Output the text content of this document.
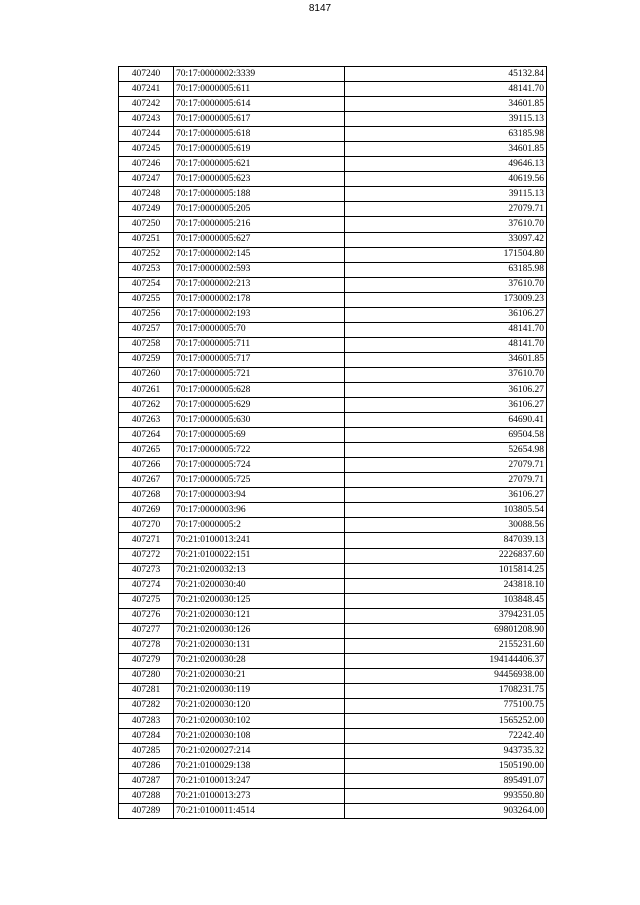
8147
407240	70:17:0000002:3339	45132.84
407241	70:17:0000005:611	48141.70
407242	70:17:0000005:614	34601.85
407243	70:17:0000005:617	39115.13
407244	70:17:0000005:618	63185.98
407245	70:17:0000005:619	34601.85
407246	70:17:0000005:621	49646.13
407247	70:17:0000005:623	40619.56
407248	70:17:0000005:188	39115.13
407249	70:17:0000005:205	27079.71
407250	70:17:0000005:216	37610.70
407251	70:17:0000005:627	33097.42
407252	70:17:0000002:145	171504.80
407253	70:17:0000002:593	63185.98
407254	70:17:0000002:213	37610.70
407255	70:17:0000002:178	173009.23
407256	70:17:0000002:193	36106.27
407257	70:17:0000005:70	48141.70
407258	70:17:0000005:711	48141.70
407259	70:17:0000005:717	34601.85
407260	70:17:0000005:721	37610.70
407261	70:17:0000005:628	36106.27
407262	70:17:0000005:629	36106.27
407263	70:17:0000005:630	64690.41
407264	70:17:0000005:69	69504.58
407265	70:17:0000005:722	52654.98
407266	70:17:0000005:724	27079.71
407267	70:17:0000005:725	27079.71
407268	70:17:0000003:94	36106.27
407269	70:17:0000003:96	103805.54
407270	70:17:0000005:2	30088.56
407271	70:21:0100013:241	847039.13
407272	70:21:0100022:151	2226837.60
407273	70:21:0200032:13	1015814.25
407274	70:21:0200030:40	243818.10
407275	70:21:0200030:125	103848.45
407276	70:21:0200030:121	3794231.05
407277	70:21:0200030:126	69801208.90
407278	70:21:0200030:131	2155231.60
407279	70:21:0200030:28	194144406.37
407280	70:21:0200030:21	94456938.00
407281	70:21:0200030:119	1708231.75
407282	70:21:0200030:120	775100.75
407283	70:21:0200030:102	1565252.00
407284	70:21:0200030:108	72242.40
407285	70:21:0200027:214	943735.32
407286	70:21:0100029:138	1505190.00
407287	70:21:0100013:247	895491.07
407288	70:21:0100013:273	993550.80
407289	70:21:0100011:4514	903264.00
